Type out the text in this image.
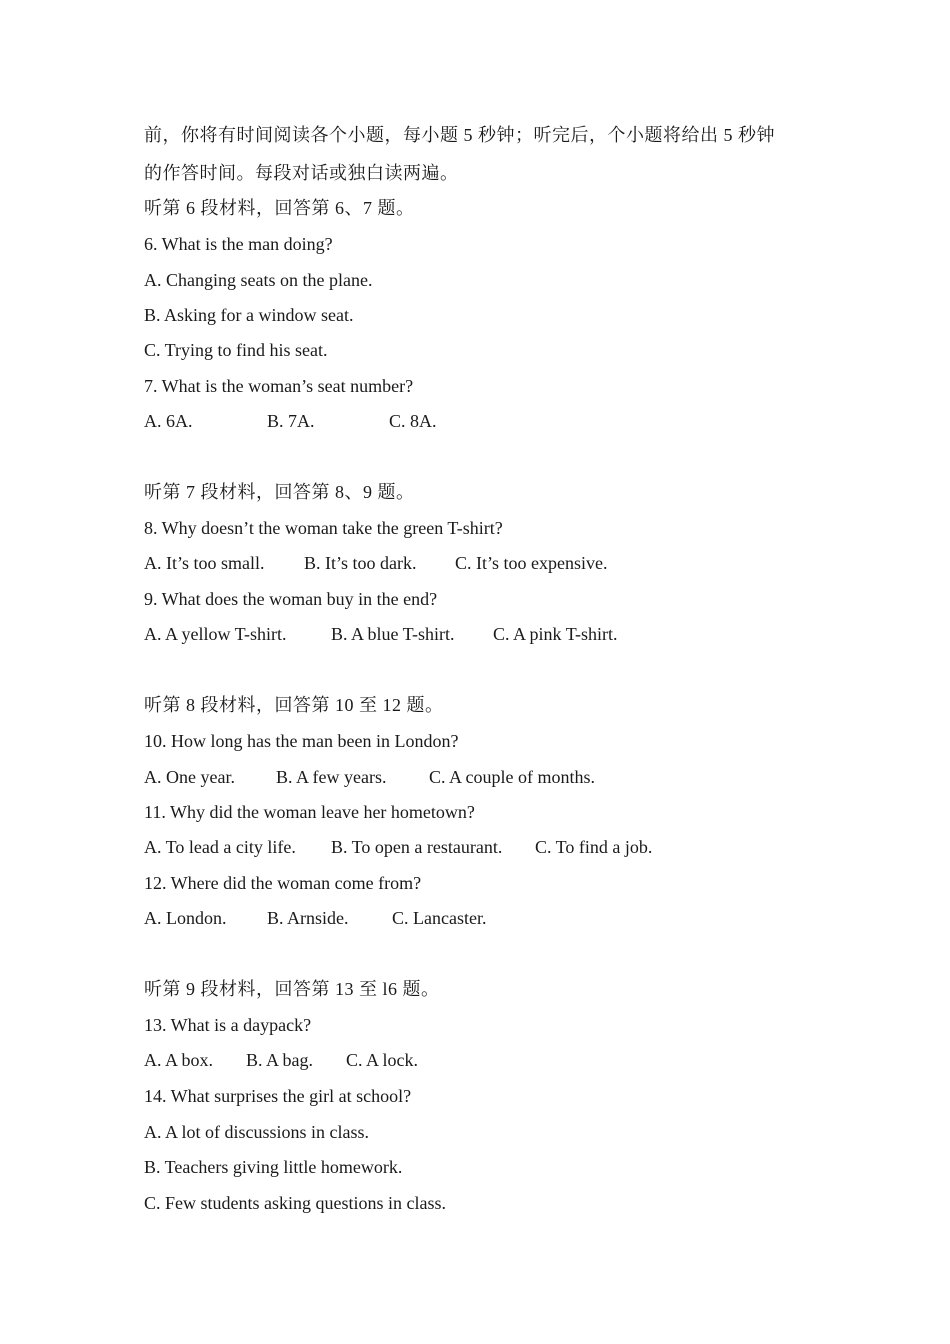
前，你将有时间阅读各个小题，每小题 5 秒钟；听完后，个小题将给出 5 秒钟
的作答时间。每段对话或独白读两遍。
听第 6 段材料，回答第 6、7 题。
6. What is the man doing?
A. Changing seats on the plane.
B. Asking for a window seat.
C. Trying to find his seat.
7. What is the woman’s seat number?
A. 6A.	B. 7A.	C. 8A.
听第 7 段材料，回答第 8、9 题。
8. Why doesn’t the woman take the green T-shirt?
A. It’s too small. B. It’s too dark. C. It’s too expensive.
9. What does the woman buy in the end?
A. A yellow T-shirt. B. A blue T-shirt. C. A pink T-shirt.
听第 8 段材料，回答第 10 至 12 题。
10. How long has the man been in London?
A. One year. B. A few years. C. A couple of months.
11. Why did the woman leave her hometown?
A. To lead a city life. B. To open a restaurant. C. To find a job.
12. Where did the woman come from?
A. London. B. Arnside. C. Lancaster.
听第 9 段材料，回答第 13 至 l6 题。
13. What is a daypack?
A. A box. B. A bag. C. A lock.
14. What surprises the girl at school?
A. A lot of discussions in class.
B. Teachers giving little homework.
C. Few students asking questions in class.
